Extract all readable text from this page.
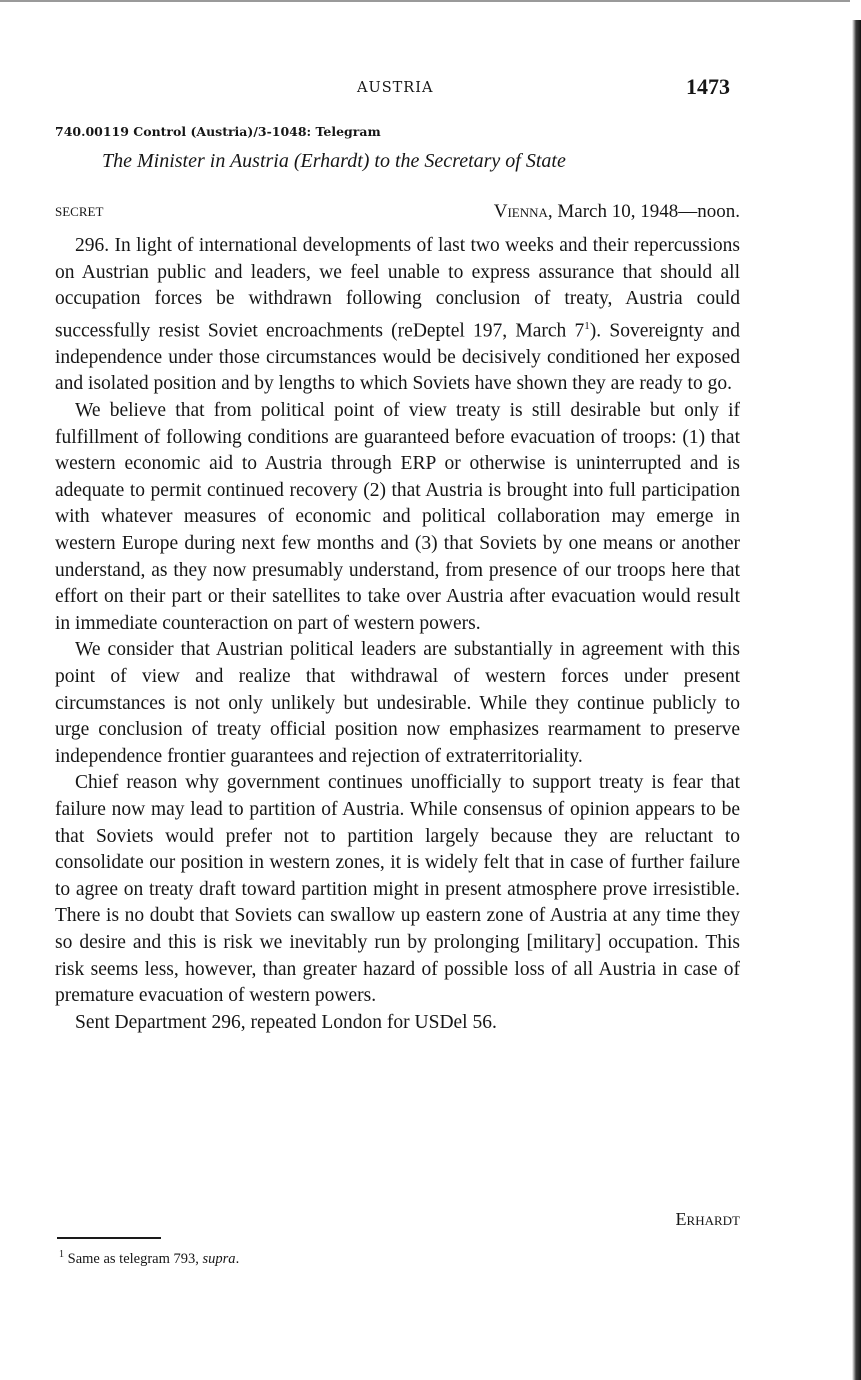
AUSTRIA	1473
740.00119 Control (Austria)/3-1048: Telegram
The Minister in Austria (Erhardt) to the Secretary of State
SECRET	Vienna, March 10, 1948—noon.

296. In light of international developments of last two weeks and their repercussions on Austrian public and leaders, we feel unable to express assurance that should all occupation forces be withdrawn following conclusion of treaty, Austria could successfully resist Soviet encroachments (reDeptel 197, March $7^1$). Sovereignty and independence under those circumstances would be decisively conditioned her exposed and isolated position and by lengths to which Soviets have shown they are ready to go.

We believe that from political point of view treaty is still desirable but only if fulfillment of following conditions are guaranteed before evacuation of troops: (1) that western economic aid to Austria through ERP or otherwise is uninterrupted and is adequate to permit continued recovery (2) that Austria is brought into full participation with whatever measures of economic and political collaboration may emerge in western Europe during next few months and (3) that Soviets by one means or another understand, as they now presumably understand, from presence of our troops here that effort on their part or their satellites to take over Austria after evacuation would result in immediate counteraction on part of western powers.

We consider that Austrian political leaders are substantially in agreement with this point of view and realize that withdrawal of western forces under present circumstances is not only unlikely but undesirable. While they continue publicly to urge conclusion of treaty official position now emphasizes rearmament to preserve independence frontier guarantees and rejection of extraterritoriality.

Chief reason why government continues unofficially to support treaty is fear that failure now may lead to partition of Austria. While consensus of opinion appears to be that Soviets would prefer not to partition largely because they are reluctant to consolidate our position in western zones, it is widely felt that in case of further failure to agree on treaty draft toward partition might in present atmosphere prove irresistible. There is no doubt that Soviets can swallow up eastern zone of Austria at any time they so desire and this is risk we inevitably run by prolonging [military] occupation. This risk seems less, however, than greater hazard of possible loss of all Austria in case of premature evacuation of western powers.

Sent Department 296, repeated London for USDel 56.

Erhardt
$^1$ Same as telegram 793, supra.
